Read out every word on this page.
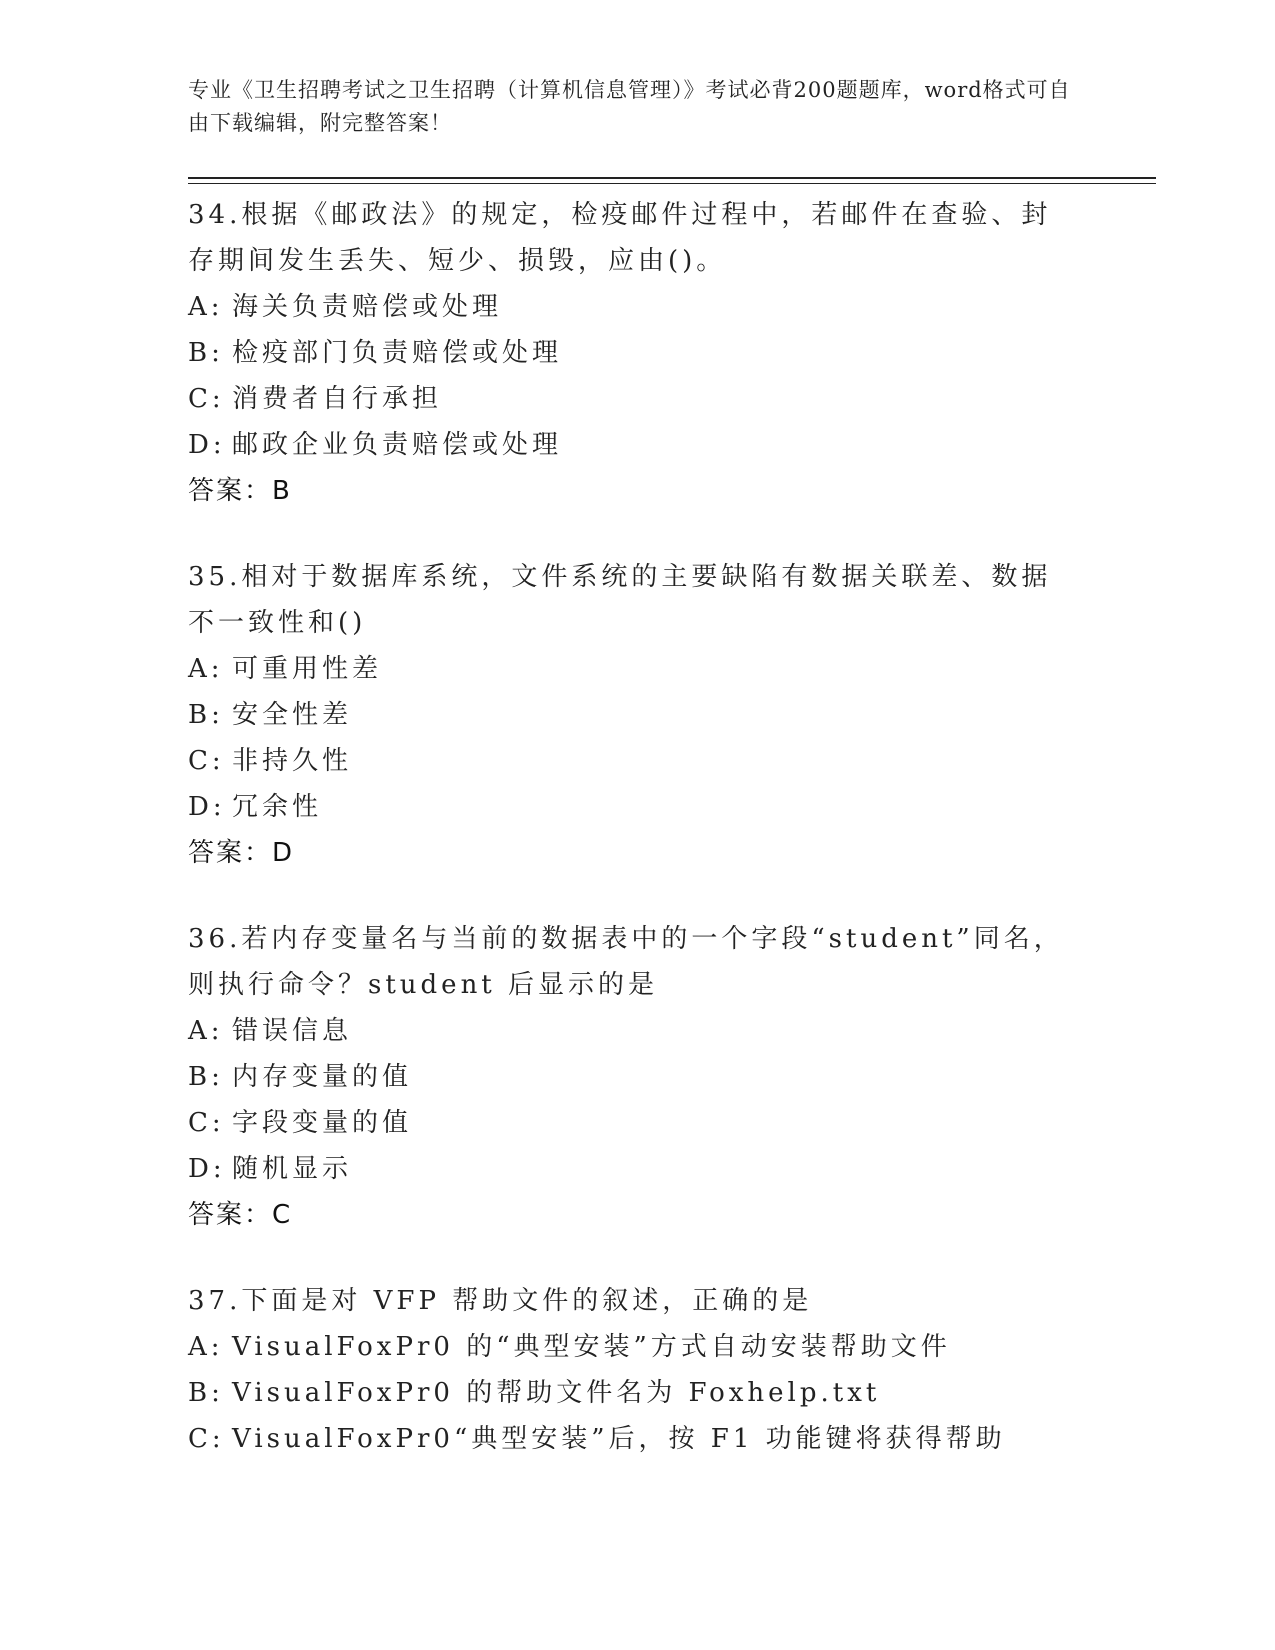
专业《卫生招聘考试之卫生招聘（计算机信息管理）》考试必背200题题库，word格式可自由下载编辑，附完整答案！
34.根据《邮政法》的规定，检疫邮件过程中，若邮件在查验、封存期间发生丢失、短少、损毁，应由()。
A: 海关负责赔偿或处理
B: 检疫部门负责赔偿或处理
C: 消费者自行承担
D: 邮政企业负责赔偿或处理
答案：B
35.相对于数据库系统，文件系统的主要缺陷有数据关联差、数据不一致性和()
A: 可重用性差
B: 安全性差
C: 非持久性
D: 冗余性
答案：D
36.若内存变量名与当前的数据表中的一个字段“student”同名，则执行命令？student 后显示的是
A: 错误信息
B: 内存变量的值
C: 字段变量的值
D: 随机显示
答案：C
37.下面是对 VFP 帮助文件的叙述，正确的是
A: VisualFoxPr0 的“典型安装”方式自动安装帮助文件
B: VisualFoxPr0 的帮助文件名为 Foxhelp.txt
C: VisualFoxPr0“典型安装”后，按 F1 功能键将获得帮助
